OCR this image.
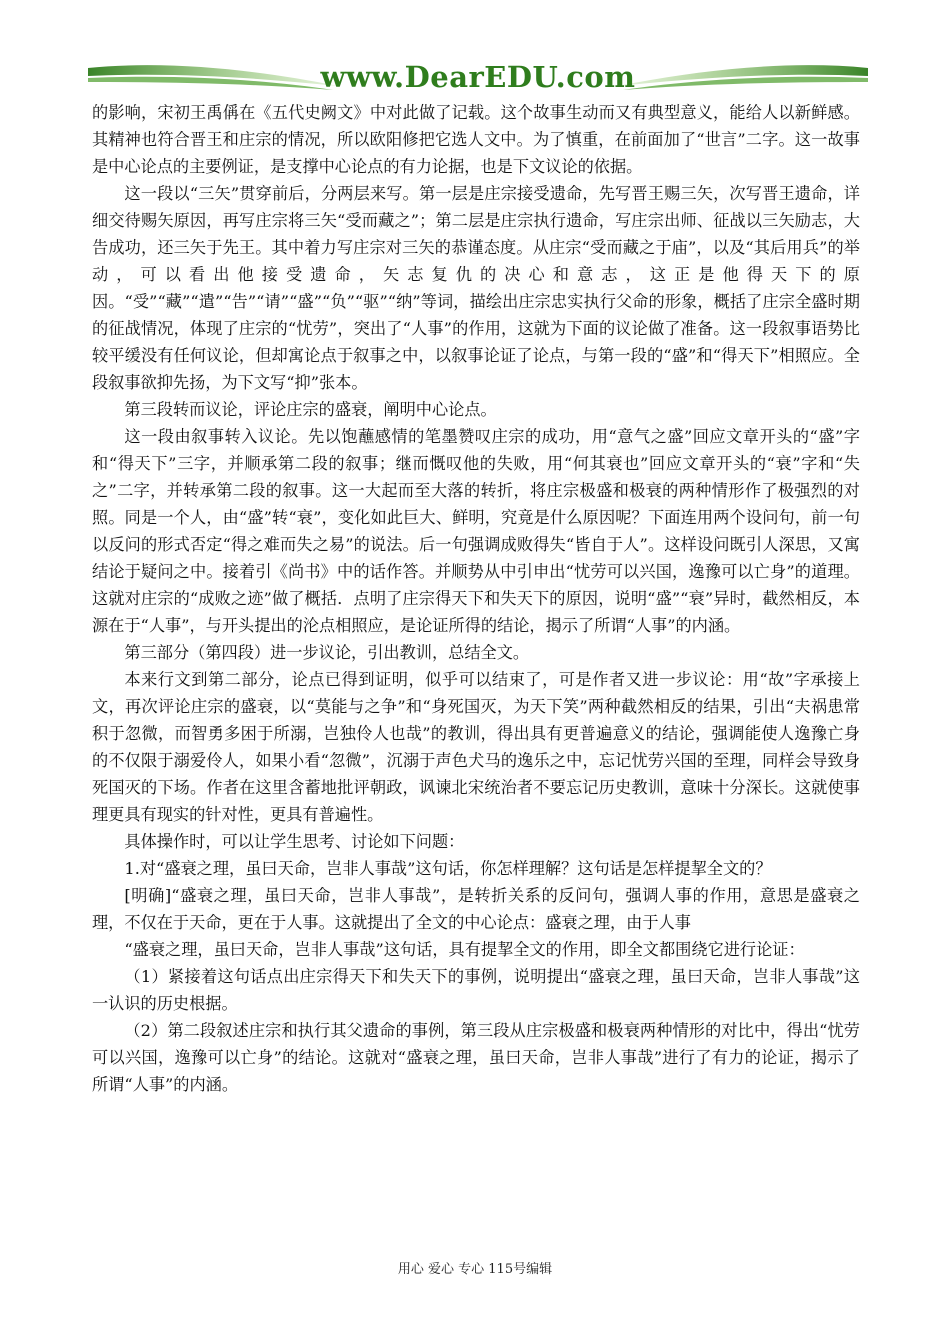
www.DearEDU.com

的影响，宋初王禹偁在《五代史阙文》中对此做了记载。这个故事生动而又有典型意义，能给人以新鲜感。其精神也符合晋王和庄宗的情况，所以欧阳修把它选人文中。为了慎重，在前面加了“世言”二字。这一故事是中心论点的主要例证，是支撑中心论点的有力论据，也是下文议论的依据。

这一段以“三矢”贯穿前后，分两层来写。第一层是庄宗接受遗命，先写晋王赐三矢，次写晋王遗命，详细交待赐矢原因，再写庄宗将三矢“受而藏之”；第二层是庄宗执行遗命，写庄宗出师、征战以三矢励志，大告成功，还三矢于先王。其中着力写庄宗对三矢的恭谨态度。从庄宗“受而藏之于庙”，以及“其后用兵”的举动，可以看出他接受遗命，矢志复仇的决心和意志，这正是他得天下的原因。“受”“藏”“遣”“告”“请”“盛”“负”“驱”“纳”等词，描绘出庄宗忠实执行父命的形象，概括了庄宗全盛时期的征战情况，体现了庄宗的“忧劳”，突出了“人事”的作用，这就为下面的议论做了准备。这一段叙事语势比较平缓没有任何议论，但却寓论点于叙事之中，以叙事论证了论点，与第一段的“盛”和“得天下”相照应。全段叙事欲抑先扬，为下文写“抑”张本。

第三段转而议论，评论庄宗的盛衰，阐明中心论点。

这一段由叙事转入议论。先以饱蘸感情的笔墨赞叹庄宗的成功，用“意气之盛”回应文章开头的“盛”字和“得天下”三字，并顺承第二段的叙事；继而慨叹他的失败，用“何其衰也”回应文章开头的“衰”字和“失之”二字，并转承第二段的叙事。这一大起而至大落的转折，将庄宗极盛和极衰的两种情形作了极强烈的对照。同是一个人，由“盛”转“衰”，变化如此巨大、鲜明，究竟是什么原因呢？下面连用两个设问句，前一句以反问的形式否定“得之难而失之易”的说法。后一句强调成败得失“皆自于人”。这样设问既引人深思，又寓结论于疑问之中。接着引《尚书》中的话作答。并顺势从中引申出“忧劳可以兴国，逸豫可以亡身”的道理。这就对庄宗的“成败之迹”做了概括．点明了庄宗得天下和失天下的原因，说明“盛”“衰”异时，截然相反，本源在于“人事”，与开头提出的沦点相照应，是论证所得的结论，揭示了所谓“人事”的内涵。

第三部分（第四段）进一步议论，引出教训，总结全文。

本来行文到第二部分，论点已得到证明，似乎可以结束了，可是作者又进一步议论：用“故”字承接上文，再次评论庄宗的盛衰，以“莫能与之争”和“身死国灭，为天下笑”两种截然相反的结果，引出“夫祸患常积于忽微，而智勇多困于所溺，岂独伶人也哉”的教训，得出具有更普遍意义的结论，强调能使人逸豫亡身的不仅限于溺爱伶人，如果小看“忽微”，沉溺于声色犬马的逸乐之中，忘记忧劳兴国的至理，同样会导致身死国灭的下场。作者在这里含蓄地批评朝政，讽谏北宋统治者不要忘记历史教训，意味十分深长。这就使事理更具有现实的针对性，更具有普遍性。

具体操作时，可以让学生思考、讨论如下问题：

1.对“盛衰之理，虽曰天命，岂非人事哉”这句话，你怎样理解？这句话是怎样提挈全文的？

[明确]“盛衰之理，虽曰天命，岂非人事哉”，是转折关系的反问句，强调人事的作用，意思是盛衰之理，不仅在于天命，更在于人事。这就提出了全文的中心论点：盛衰之理，由于人事

“盛衰之理，虽曰天命，岂非人事哉”这句话，具有提挈全文的作用，即全文都围绕它进行论证：

（1）紧接着这句话点出庄宗得天下和失天下的事例，说明提出“盛衰之理，虽曰天命，岂非人事哉”这一认识的历史根据。

（2）第二段叙述庄宗和执行其父遗命的事例，第三段从庄宗极盛和极衰两种情形的对比中，得出“忧劳可以兴国，逸豫可以亡身”的结论。这就对“盛衰之理，虽曰天命，岂非人事哉”进行了有力的论证，揭示了所谓“人事”的内涵。

用心 爱心 专心 115号编辑
